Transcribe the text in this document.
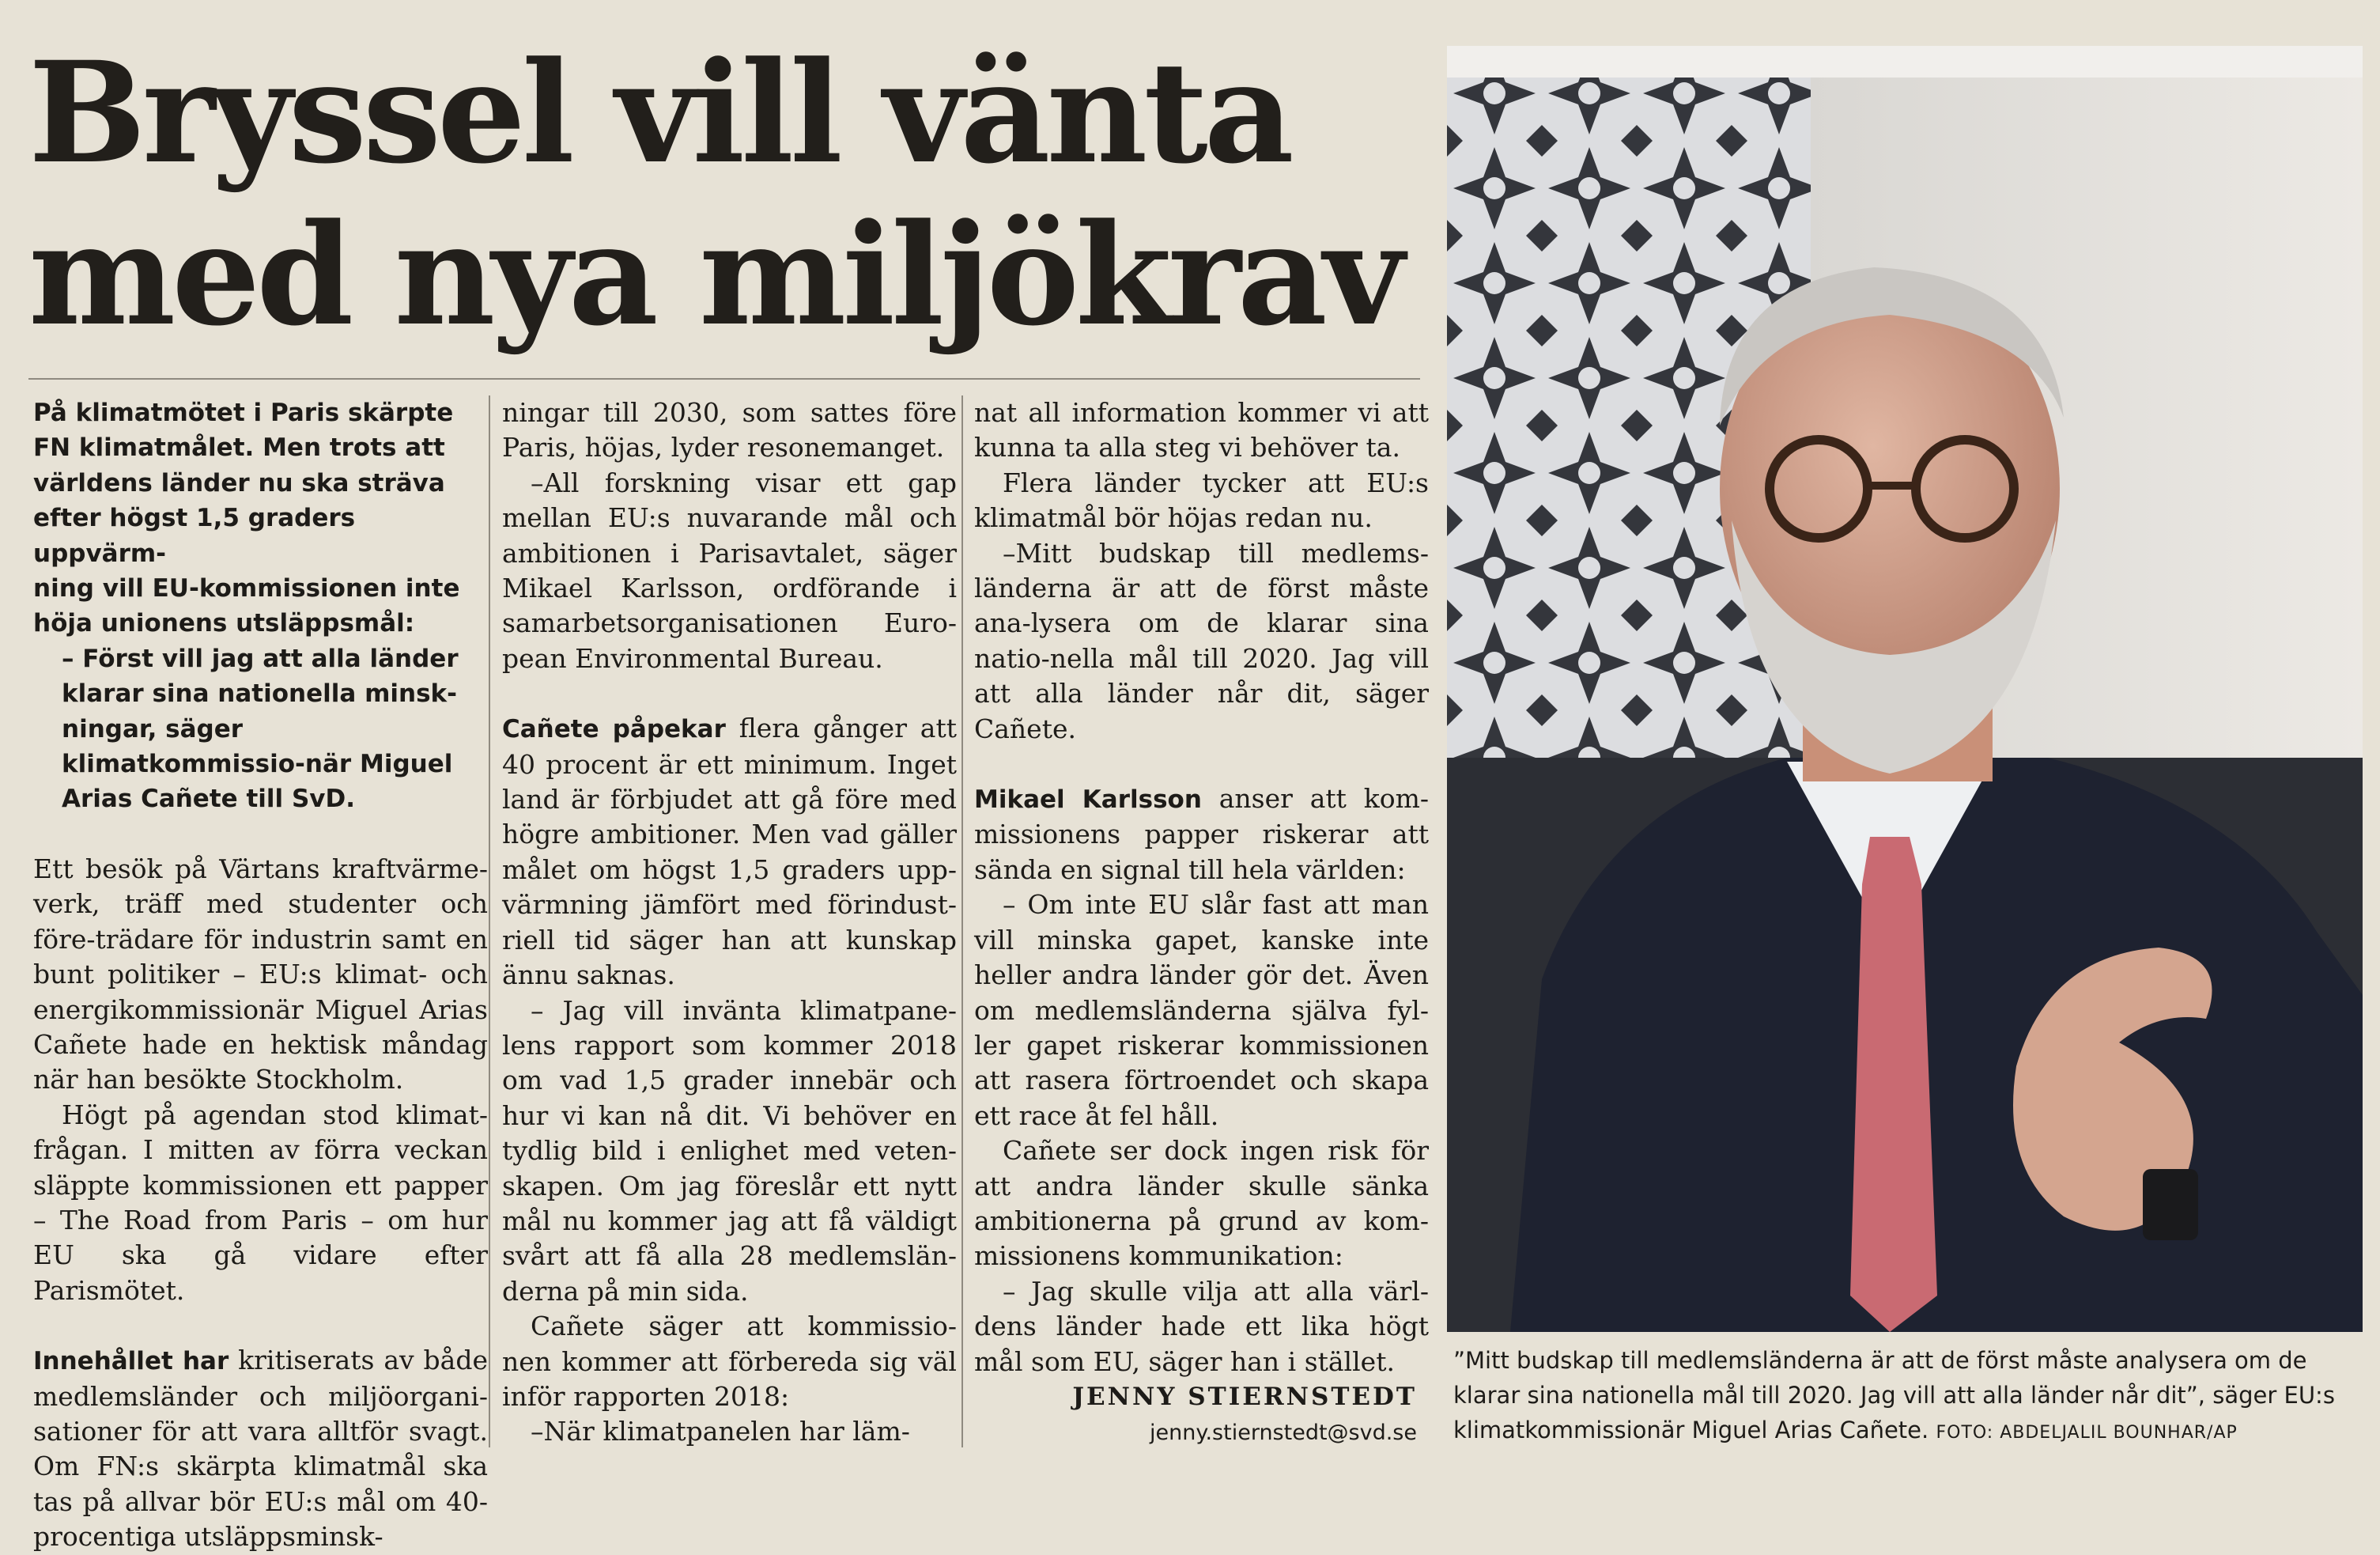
Bryssel vill vänta
med nya miljökrav
På klimatmötet i Paris skärpte
FN klimatmålet. Men trots att
världens länder nu ska sträva
efter högst 1,5 graders uppvärm-
ning vill EU-kommissionen inte
höja unionens utsläppsmål:
– Först vill jag att alla länder klarar sina nationella minsk-ningar, säger klimatkommissio-när Miguel Arias Cañete till SvD.

Ett besök på Värtans kraftvärme-verk, träff med studenter och före-trädare för industrin samt en bunt politiker – EU:s klimat- och energikommissionär Miguel Arias Cañete hade en hektisk måndag när han besökte Stockholm.

Högt på agendan stod klimat-frågan. I mitten av förra veckan släppte kommissionen ett papper – The Road from Paris – om hur EU ska gå vidare efter Parismötet.

Innehållet har kritiserats av både medlemsländer och miljöorgani-sationer för att vara alltför svagt. Om FN:s skärpta klimatmål ska tas på allvar bör EU:s mål om 40-procentiga utsläppsminsk-

ningar till 2030, som sattes före Paris, höjas, lyder resonemanget.

–All forskning visar ett gap mellan EU:s nuvarande mål och ambitionen i Parisavtalet, säger Mikael Karlsson, ordförande i samarbetsorganisationen Euro-pean Environmental Bureau.

Cañete påpekar flera gånger att 40 procent är ett minimum. Inget land är förbjudet att gå före med högre ambitioner. Men vad gäller målet om högst 1,5 graders upp-värmning jämfört med förindust-riell tid säger han att kunskap ännu saknas.

– Jag vill invänta klimatpane-lens rapport som kommer 2018 om vad 1,5 grader innebär och hur vi kan nå dit. Vi behöver en tydlig bild i enlighet med veten-skapen. Om jag föreslår ett nytt mål nu kommer jag att få väldigt svårt att få alla 28 medlemslän-derna på min sida.

Cañete säger att kommissio-nen kommer att förbereda sig väl inför rapporten 2018:

–När klimatpanelen har läm-

nat all information kommer vi att kunna ta alla steg vi behöver ta.

Flera länder tycker att EU:s klimatmål bör höjas redan nu.

–Mitt budskap till medlems-länderna är att de först måste ana-lysera om de klarar sina natio-nella mål till 2020. Jag vill att alla länder når dit, säger Cañete.

Mikael Karlsson anser att kom-missionens papper riskerar att sända en signal till hela världen:

– Om inte EU slår fast att man vill minska gapet, kanske inte heller andra länder gör det. Även om medlemsländerna själva fyl-ler gapet riskerar kommissionen att rasera förtroendet och skapa ett race åt fel håll.

Cañete ser dock ingen risk för att andra länder skulle sänka ambitionerna på grund av kom-missionens kommunikation:

– Jag skulle vilja att alla värl-dens länder hade ett lika högt mål som EU, säger han i stället.

JENNY STIERNSTEDT
jenny.stiernstedt@svd.se
”Mitt budskap till medlemsländerna är att de först måste analysera om de klarar sina nationella mål till 2020. Jag vill att alla länder når dit”, säger EU:s klimatkommissionär Miguel Arias Cañete. FOTO: ABDELJALIL BOUNHAR/AP
